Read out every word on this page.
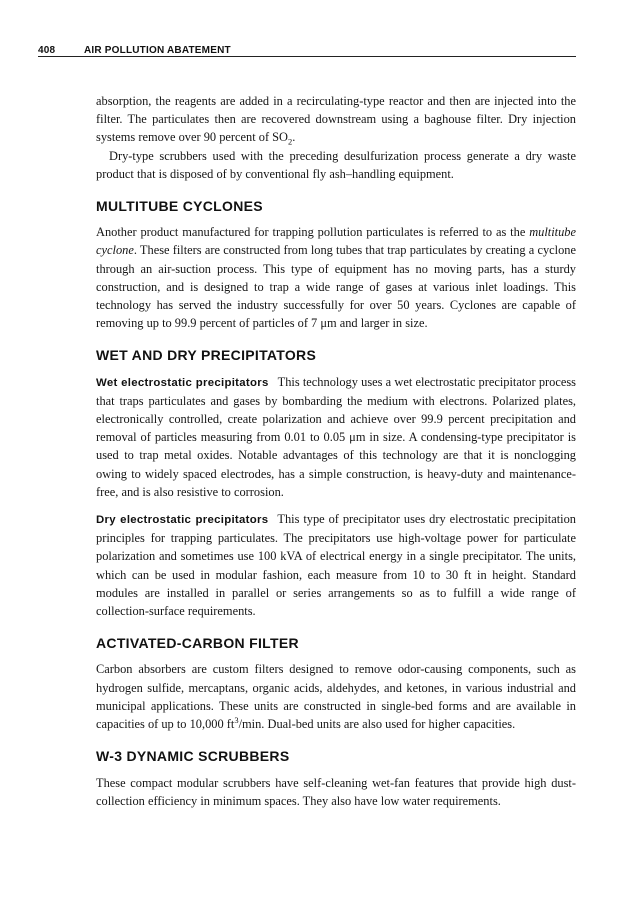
408	AIR POLLUTION ABATEMENT

absorption, the reagents are added in a recirculating-type reactor and then are injected into the filter. The particulates then are recovered downstream using a baghouse filter. Dry injection systems remove over 90 percent of $SO_2$.

Dry-type scrubbers used with the preceding desulfurization process generate a dry waste product that is disposed of by conventional fly ash–handling equipment.

MULTITUBE CYCLONES

Another product manufactured for trapping pollution particulates is referred to as the multitube cyclone. These filters are constructed from long tubes that trap particulates by creating a cyclone through an air-suction process. This type of equipment has no moving parts, has a sturdy construction, and is designed to trap a wide range of gases at various inlet loadings. This technology has served the industry successfully for over 50 years. Cyclones are capable of removing up to 99.9 percent of particles of 7 μm and larger in size.

WET AND DRY PRECIPITATORS

Wet electrostatic precipitators This technology uses a wet electrostatic precipitator process that traps particulates and gases by bombarding the medium with electrons. Polarized plates, electronically controlled, create polarization and achieve over 99.9 percent precipitation and removal of particles measuring from 0.01 to 0.05 μm in size. A condensing-type precipitator is used to trap metal oxides. Notable advantages of this technology are that it is nonclogging owing to widely spaced electrodes, has a simple construction, is heavy-duty and maintenance-free, and is also resistive to corrosion.

Dry electrostatic precipitators This type of precipitator uses dry electrostatic precipitation principles for trapping particulates. The precipitators use high-voltage power for particulate polarization and sometimes use 100 kVA of electrical energy in a single precipitator. The units, which can be used in modular fashion, each measure from 10 to 30 ft in height. Standard modules are installed in parallel or series arrangements so as to fulfill a wide range of collection-surface requirements.

ACTIVATED-CARBON FILTER

Carbon absorbers are custom filters designed to remove odor-causing components, such as hydrogen sulfide, mercaptans, organic acids, aldehydes, and ketones, in various industrial and municipal applications. These units are constructed in single-bed forms and are available in capacities of up to 10,000 $ft^3/\min$. Dual-bed units are also used for higher capacities.

W-3 DYNAMIC SCRUBBERS

These compact modular scrubbers have self-cleaning wet-fan features that provide high dust-collection efficiency in minimum spaces. They also have low water requirements.
